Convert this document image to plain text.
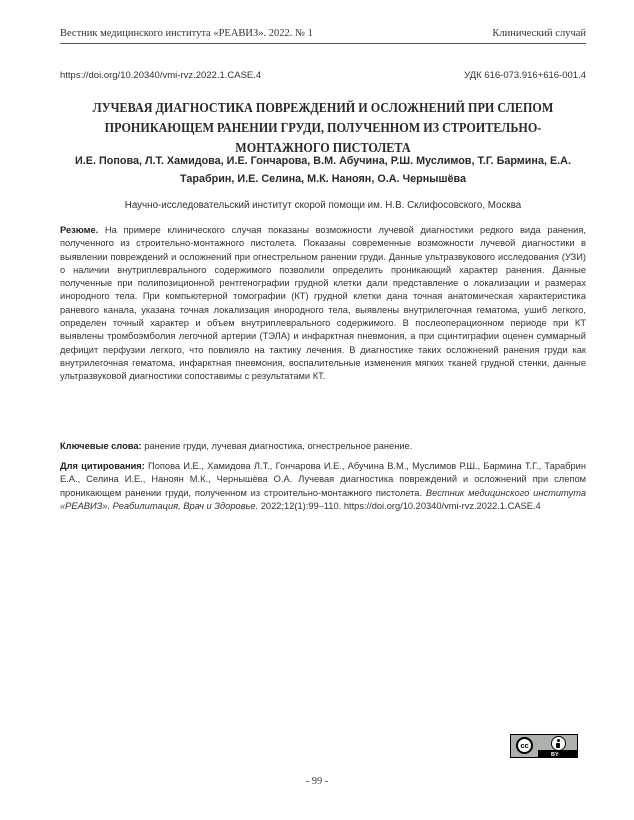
Вестник медицинского института «РЕАВИЗ». 2022. № 1	Клинический случай
https://doi.org/10.20340/vmi-rvz.2022.1.CASE.4	УДК 616-073.916+616-001.4
ЛУЧЕВАЯ ДИАГНОСТИКА ПОВРЕЖДЕНИЙ И ОСЛОЖНЕНИЙ ПРИ СЛЕПОМ ПРОНИКАЮЩЕМ РАНЕНИИ ГРУДИ, ПОЛУЧЕННОМ ИЗ СТРОИТЕЛЬНО-МОНТАЖНОГО ПИСТОЛЕТА
И.Е. Попова, Л.Т. Хамидова, И.Е. Гончарова, В.М. Абучина, Р.Ш. Муслимов, Т.Г. Бармина, Е.А. Тарабрин, И.Е. Селина, М.К. Наноян, О.А. Чернышёва
Научно-исследовательский институт скорой помощи им. Н.В. Склифосовского, Москва

Резюме. На примере клинического случая показаны возможности лучевой диагностики редкого вида ранения, полученного из строительно-монтажного пистолета. Показаны современные возможности лучевой диагностики в выявлении повреждений и осложнений при огнестрельном ранении груди. Данные ультразвукового исследования (УЗИ) о наличии внутриплеврального содержимого позволили определить проникающий характер ранения. Данные полученные при полипозиционной рентгенографии грудной клетки дали представление о локализации и размерах инородного тела. При компьютерной томографии (КТ) грудной клетки дана точная анатомическая характеристика раневого канала, указана точная локализация инородного тела, выявлены внутрилегочная гематома, ушиб легкого, определен точный характер и объем внутриплеврального содержимого. В послеоперационном периоде при КТ выявлены тромбоэмболия легочной артерии (ТЭЛА) и инфарктная пневмония, а при сцинтиграфии оценен суммарный дефицит перфузии легкого, что повлияло на тактику лечения. В диагностике таких осложнений ранения груди как внутрилегочная гематома, инфарктная пневмония, воспалительные изменения мягких тканей грудной стенки, данные ультразвуковой диагностики сопоставимы с результатами КТ.

Ключевые слова: ранение груди, лучевая диагностика, огнестрельное ранение.

Для цитирования: Попова И.Е., Хамидова Л.Т., Гончарова И.Е., Абучина В.М., Муслимов Р.Ш., Бармина Т.Г., Тарабрин Е.А., Селина И.Е., Наноян М.К., Чернышёва О.А. Лучевая диагностика повреждений и осложнений при слепом проникающем ранении груди, полученном из строительно-монтажного пистолета. Вестник медицинского института «РЕАВИЗ». Реабилитация, Врач и Здоровье. 2022;12(1):99–110. https://doi.org/10.20340/vmi-rvz.2022.1.CASE.4

cc
BY
- 99 -
